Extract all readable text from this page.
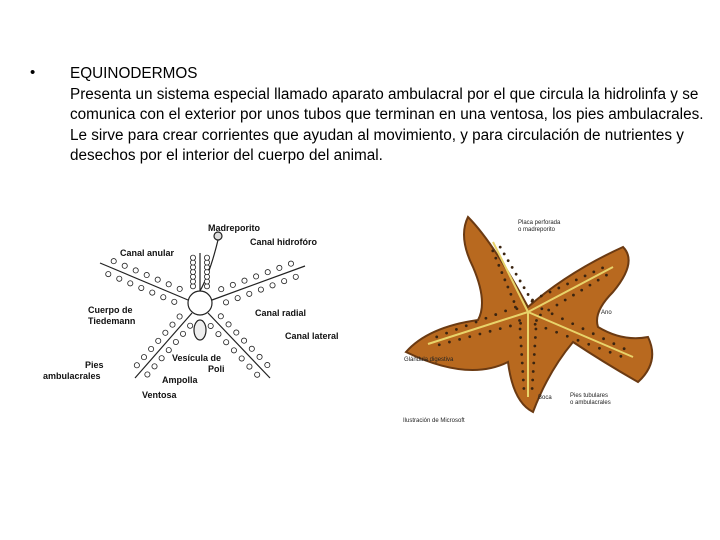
• EQUINODERMOS
Presenta un sistema especial llamado aparato ambulacral por el que circula la hidrolinfa y se comunica con el exterior por unos tubos que terminan en una ventosa, los pies ambulacrales. Le sirve para crear corrientes que ayudan al movimiento, y para circulación de nutrientes y desechos por el interior del cuerpo del animal.
Madreporito
Canal anular
Canal hidrofóro
Cuerpo de
Tiedemann
Canal radial
Canal lateral
Vesícula de
Poli
Pies
ambulacrales	Ampolla
Ventosa
Placa perforada
o madreporito
Ano
Glándula digestiva
Boca	Pies tubulares
o ambulacrales
Ilustración de Microsoft
